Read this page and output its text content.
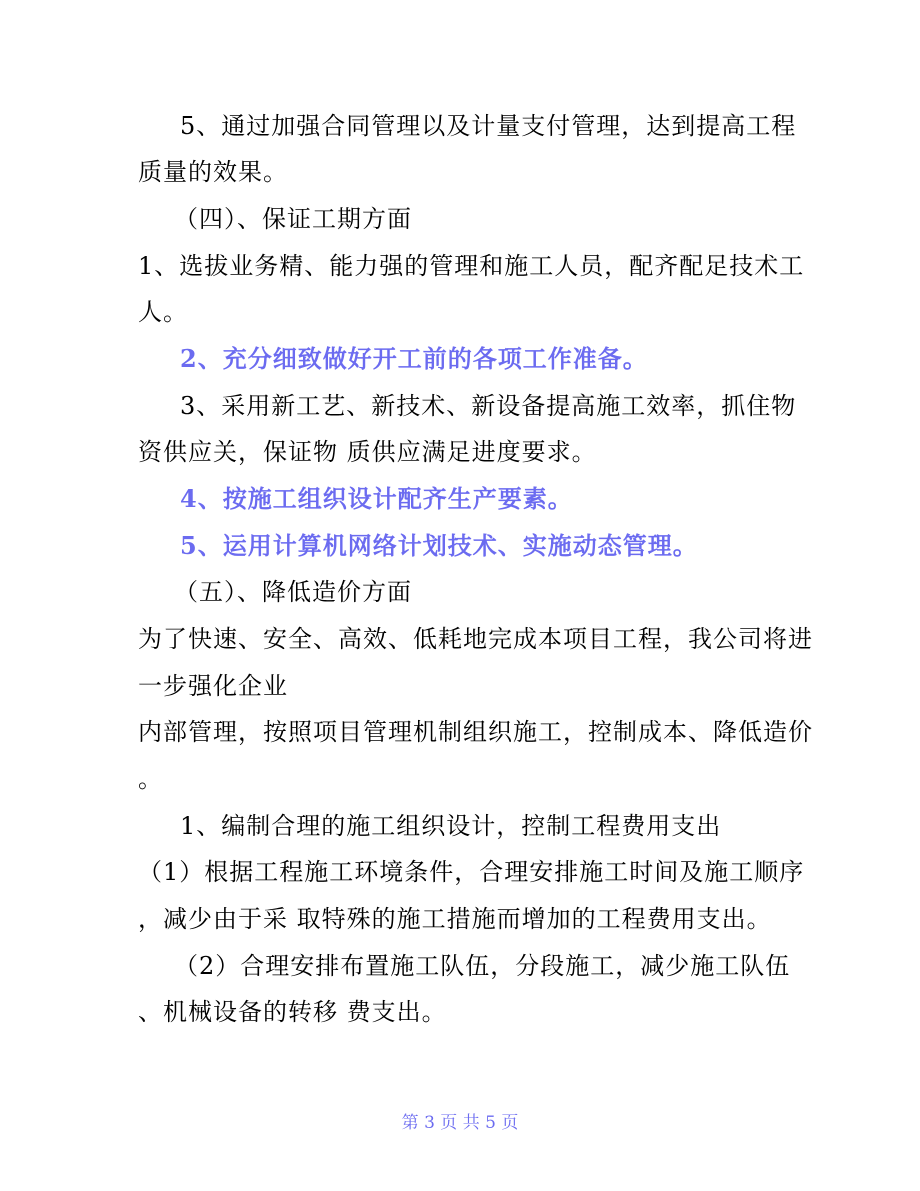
5、通过加强合同管理以及计量支付管理，达到提高工程
质量的效果。
（四）、保证工期方面
1、选拔业务精、能力强的管理和施工人员，配齐配足技术工
人。
2、充分细致做好开工前的各项工作准备。
3、采用新工艺、新技术、新设备提高施工效率，抓住物
资供应关，保证物 质供应满足进度要求。
4、按施工组织设计配齐生产要素。
5、运用计算机网络计划技术、实施动态管理。
（五）、降低造价方面
为了快速、安全、高效、低耗地完成本项目工程，我公司将进
一步强化企业
内部管理，按照项目管理机制组织施工，控制成本、降低造价
。
1、编制合理的施工组织设计，控制工程费用支出
（1）根据工程施工环境条件，合理安排施工时间及施工顺序
，减少由于采 取特殊的施工措施而增加的工程费用支出。
（2）合理安排布置施工队伍，分段施工，减少施工队伍
、机械设备的转移 费支出。
第 3 页 共 5 页
